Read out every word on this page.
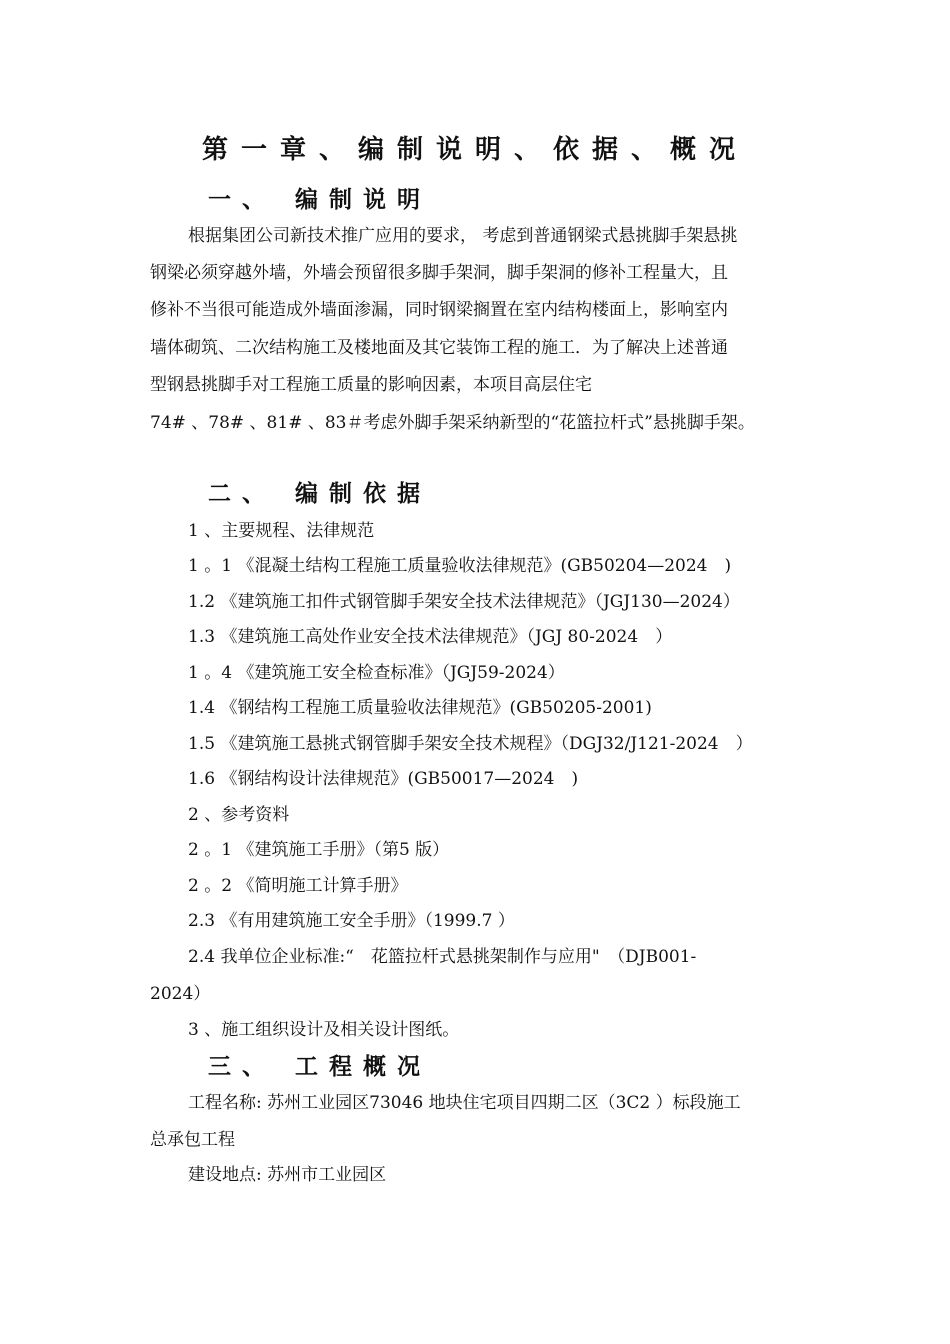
第一章、编制说明、依据、概况
一、 编制说明
根据集团公司新技术推广应用的要求， 考虑到普通钢梁式悬挑脚手架悬挑
钢梁必须穿越外墙，外墙会预留很多脚手架洞，脚手架洞的修补工程量大，且
修补不当很可能造成外墙面渗漏，同时钢梁搁置在室内结构楼面上，影响室内
墙体砌筑、二次结构施工及楼地面及其它装饰工程的施工．为了解决上述普通
型钢悬挑脚手对工程施工质量的影响因素，本项目高层住宅
74# 、78# 、81# 、83＃考虑外脚手架采纳新型的“花篮拉杆式”悬挑脚手架。
二、 编制依据
1 、主要规程、法律规范
1 。1 《混凝土结构工程施工质量验收法律规范》(GB50204—2024　)
1.2 《建筑施工扣件式钢管脚手架安全技术法律规范》（JGJ130—2024）
1.3 《建筑施工高处作业安全技术法律规范》（JGJ 80-2024　）
1 。4 《建筑施工安全检查标准》（JGJ59-2024）
1.4 《钢结构工程施工质量验收法律规范》(GB50205-2001)
1.5 《建筑施工悬挑式钢管脚手架安全技术规程》（DGJ32/J121-2024　）
1.6 《钢结构设计法律规范》(GB50017—2024　)
2 、参考资料
2 。1 《建筑施工手册》（第5 版）
2 。2 《简明施工计算手册》
2.3 《有用建筑施工安全手册》（1999.7 ）
2.4 我单位企业标准:“　花篮拉杆式悬挑架制作与应用"　（DJB001-
2024）
3 、施工组织设计及相关设计图纸。
三、 工程概况
工程名称: 苏州工业园区73046 地块住宅项目四期二区（3C2 ）标段施工
总承包工程
建设地点: 苏州市工业园区
